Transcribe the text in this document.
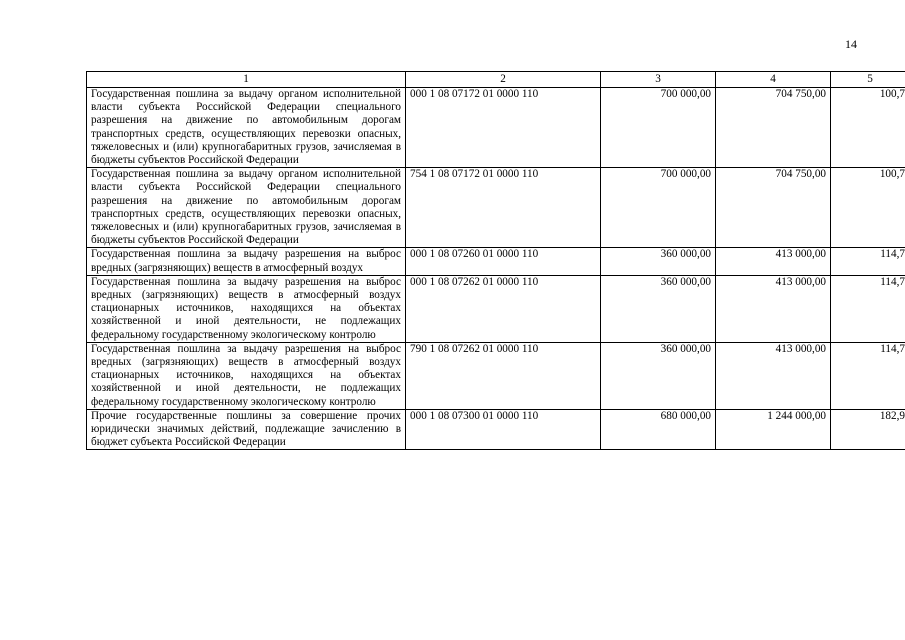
14
1	2	3	4	5
Государственная пошлина за выдачу органом исполнительной власти субъекта Российской Федерации специального разрешения на движение по автомобильным дорогам транспортных средств, осуществляющих перевозки опасных, тяжеловесных и (или) крупногабаритных грузов, зачисляемая в бюджеты субъектов Российской Федерации	000 1 08 07172 01 0000 110	700 000,00	704 750,00	100,7
Государственная пошлина за выдачу органом исполнительной власти субъекта Российской Федерации специального разрешения на движение по автомобильным дорогам транспортных средств, осуществляющих перевозки опасных, тяжеловесных и (или) крупногабаритных грузов, зачисляемая в бюджеты субъектов Российской Федерации	754 1 08 07172 01 0000 110	700 000,00	704 750,00	100,7
Государственная пошлина за выдачу разрешения на выброс вредных (загрязняющих) веществ в атмосферный воздух	000 1 08 07260 01 0000 110	360 000,00	413 000,00	114,7
Государственная пошлина за выдачу разрешения на выброс вредных (загрязняющих) веществ в атмосферный воздух стационарных источников, находящихся на объектах хозяйственной и иной деятельности, не подлежащих федеральному государственному экологическому контролю	000 1 08 07262 01 0000 110	360 000,00	413 000,00	114,7
Государственная пошлина за выдачу разрешения на выброс вредных (загрязняющих) веществ в атмосферный воздух стационарных источников, находящихся на объектах хозяйственной и иной деятельности, не подлежащих федеральному государственному экологическому контролю	790 1 08 07262 01 0000 110	360 000,00	413 000,00	114,7
Прочие государственные пошлины за совершение прочих юридически значимых действий, подлежащие зачислению в бюджет субъекта Российской Федерации	000 1 08 07300 01 0000 110	680 000,00	1 244 000,00	182,9
